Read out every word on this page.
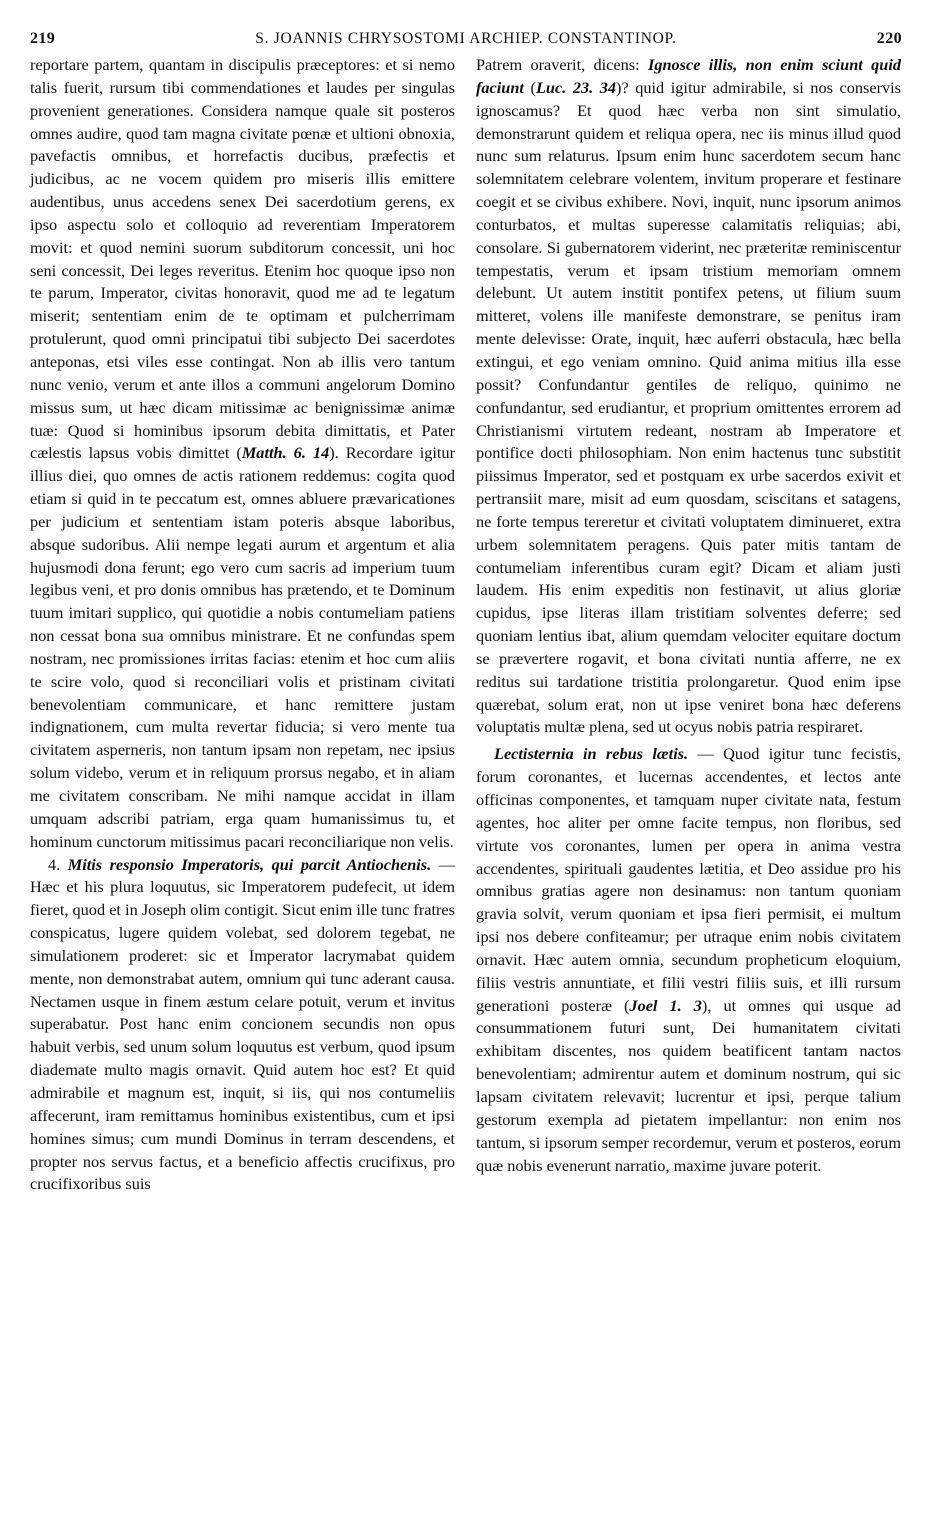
219	S. JOANNIS CHRYSOSTOMI ARCHIEP. CONSTANTINOP.	220

reportare partem, quantam in discipulis præceptores: et si nemo talis fuerit, rursum tibi commendationes et laudes per singulas provenient generationes. Considera namque quale sit posteros omnes audire, quod tam magna civitate pœnæ et ultioni obnoxia, pavefactis omnibus, et horrefactis ducibus, præfectis et judicibus, ac ne vocem quidem pro miseris illis emittere audentibus, unus accedens senex Dei sacerdotium gerens, ex ipso aspectu solo et colloquio ad reverentiam Imperatorem movit: et quod nemini suorum subditorum concessit, uni hoc seni concessit, Dei leges reveritus. Etenim hoc quoque ipso non te parum, Imperator, civitas honoravit, quod me ad te legatum miserit; sententiam enim de te optimam et pulcherrimam protulerunt, quod omni principatui tibi subjecto Dei sacerdotes anteponas, etsi viles esse contingat. Non ab illis vero tantum nunc venio, verum et ante illos a communi angelorum Domino missus sum, ut hæc dicam mitissimæ ac benignissimæ animæ tuæ: Quod si hominibus ipsorum debita dimittatis, et Pater cælestis lapsus vobis dimittet (Matth. 6. 14). Recordare igitur illius diei, quo omnes de actis rationem reddemus: cogita quod etiam si quid in te peccatum est, omnes abluere prævaricationes per judicium et sententiam istam poteris absque laboribus, absque sudoribus. Alii nempe legati aurum et argentum et alia hujusmodi dona ferunt; ego vero cum sacris ad imperium tuum legibus veni, et pro donis omnibus has prætendo, et te Dominum tuum imitari supplico, qui quotidie a nobis contumeliam patiens non cessat bona sua omnibus ministrare. Et ne confundas spem nostram, nec promissiones irritas facias: etenim et hoc cum aliis te scire volo, quod si reconciliari volis et pristinam civitati benevolentiam communicare, et hanc remittere justam indignationem, cum multa revertar fiducia; si vero mente tua civitatem asperneris, non tantum ipsam non repetam, nec ipsius solum videbo, verum et in reliquum prorsus negabo, et in aliam me civitatem conscribam. Ne mihi namque accidat in illam umquam adscribi patriam, erga quam humanissimus tu, et hominum cunctorum mitissimus pacari reconciliarique non velis.

4. Mitis responsio Imperatoris, qui parcit Antiochenis. — Hæc et his plura loquutus, sic Imperatorem pudefecit, ut idem fieret, quod et in Joseph olim contigit. Sicut enim ille tunc fratres conspicatus, lugere quidem volebat, sed dolorem tegebat, ne simulationem proderet: sic et Imperator lacrymabat quidem mente, non demonstrabat autem, omnium qui tunc aderant causa. Nectamen usque in finem æstum celare potuit, verum et invitus superabatur. Post hanc enim concionem secundis non opus habuit verbis, sed unum solum loquutus est verbum, quod ipsum diademate multo magis ornavit. Quid autem hoc est? Et quid admirabile et magnum est, inquit, si iis, qui nos contumeliis affecerunt, iram remittamus hominibus existentibus, cum et ipsi homines simus; cum mundi Dominus in terram descendens, et propter nos servus factus, et a beneficio affectis crucifixus, pro crucifixoribus suis

Patrem oraverit, dicens: Ignosce illis, non enim sciunt quid faciunt (Luc. 23. 34)? quid igitur admirabile, si nos conservis ignoscamus? Et quod hæc verba non sint simulatio, demonstrarunt quidem et reliqua opera, nec iis minus illud quod nunc sum relaturus. Ipsum enim hunc sacerdotem secum hanc solemnitatem celebrare volentem, invitum properare et festinare coegit et se civibus exhibere. Novi, inquit, nunc ipsorum animos conturbatos, et multas superesse calamitatis reliquias; abi, consolare. Si gubernatorem viderint, nec præteritæ reminiscentur tempestatis, verum et ipsam tristium memoriam omnem delebunt. Ut autem institit pontifex petens, ut filium suum mitteret, volens ille manifeste demonstrare, se penitus iram mente delevisse: Orate, inquit, hæc auferri obstacula, hæc bella extingui, et ego veniam omnino. Quid anima mitius illa esse possit? Confundantur gentiles de reliquo, quinimo ne confundantur, sed erudiantur, et proprium omittentes errorem ad Christianismi virtutem redeant, nostram ab Imperatore et pontifice docti philosophiam. Non enim hactenus tunc substitit piissimus Imperator, sed et postquam ex urbe sacerdos exivit et pertransiit mare, misit ad eum quosdam, sciscitans et satagens, ne forte tempus tereretur et civitati voluptatem diminueret, extra urbem solemnitatem peragens. Quis pater mitis tantam de contumeliam inferentibus curam egit? Dicam et aliam justi laudem. His enim expeditis non festinavit, ut alius gloriæ cupidus, ipse literas illam tristitiam solventes deferre; sed quoniam lentius ibat, alium quemdam velociter equitare doctum se prævertere rogavit, et bona civitati nuntia afferre, ne ex reditus sui tardatione tristitia prolongaretur. Quod enim ipse quærebat, solum erat, non ut ipse veniret bona hæc deferens voluptatis multæ plena, sed ut ocyus nobis patria respiraret.

Lectisternia in rebus lætis. — Quod igitur tunc fecistis, forum coronantes, et lucernas accendentes, et lectos ante officinas componentes, et tamquam nuper civitate nata, festum agentes, hoc aliter per omne facite tempus, non floribus, sed virtute vos coronantes, lumen per opera in anima vestra accendentes, spirituali gaudentes lætitia, et Deo assidue pro his omnibus gratias agere non desinamus: non tantum quoniam gravia solvit, verum quoniam et ipsa fieri permisit, ei multum ipsi nos debere confiteamur; per utraque enim nobis civitatem ornavit. Hæc autem omnia, secundum propheticum eloquium, filiis vestris annuntiate, et filii vestri filiis suis, et illi rursum generationi posteræ (Joel 1. 3), ut omnes qui usque ad consummationem futuri sunt, Dei humanitatem civitati exhibitam discentes, nos quidem beatificent tantam nactos benevolentiam; admirentur autem et dominum nostrum, qui sic lapsam civitatem relevavit; lucrentur et ipsi, perque talium gestorum exempla ad pietatem impellantur: non enim nos tantum, si ipsorum semper recordemur, verum et posteros, eorum quæ nobis evenerunt narratio, maxime juvare poterit.
